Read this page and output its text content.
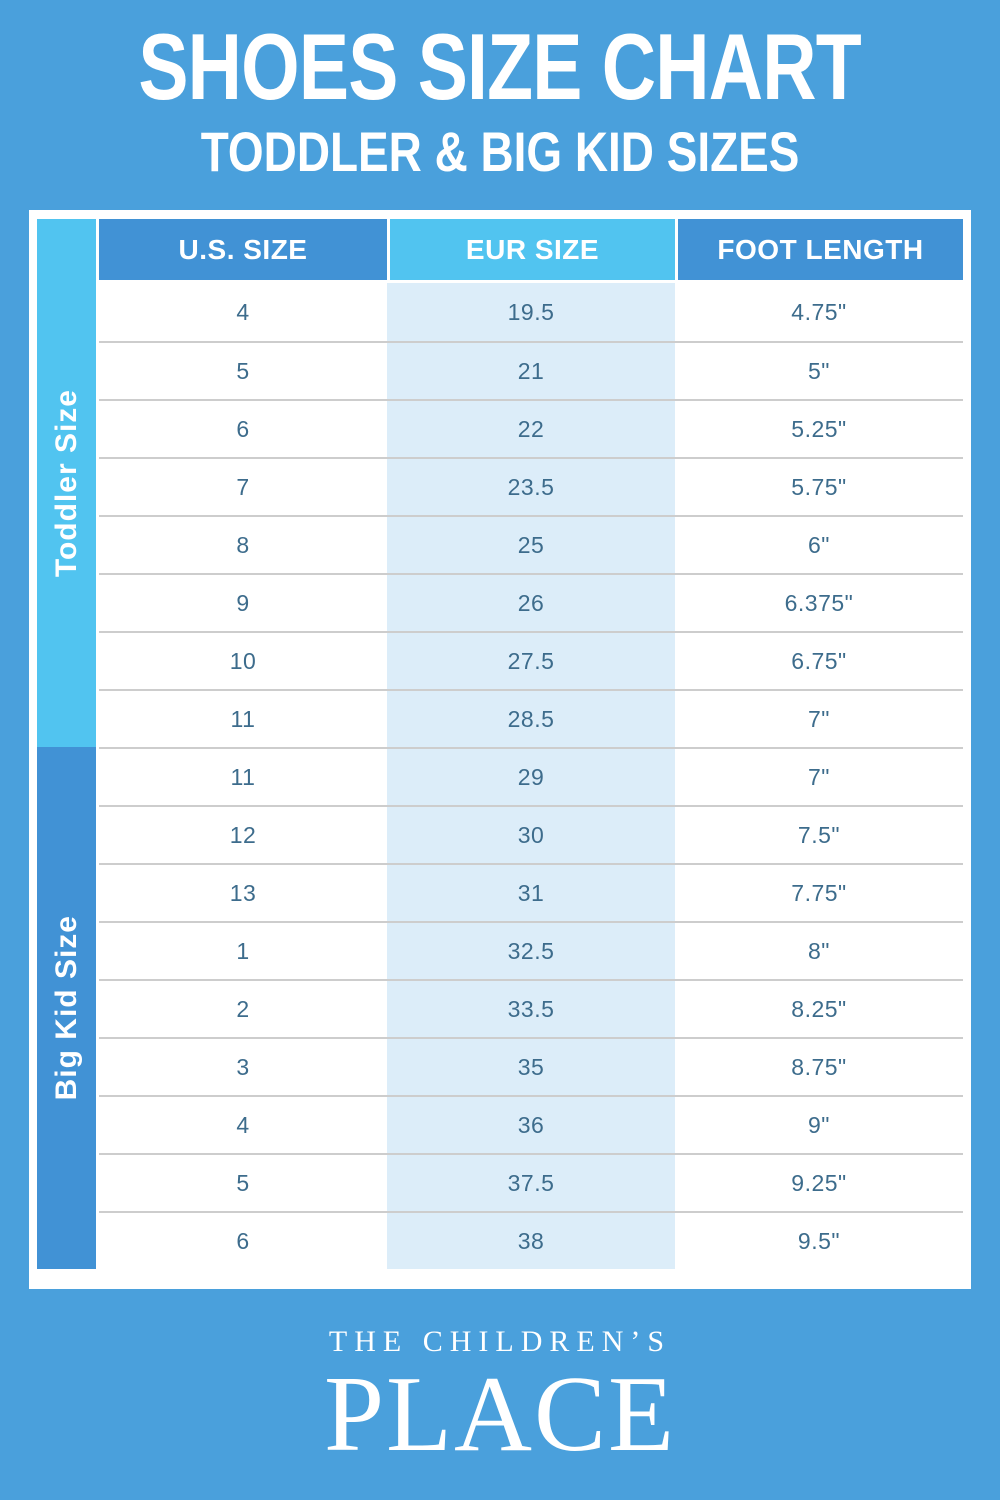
SHOES SIZE CHART
TODDLER & BIG KID SIZES
Toddler Size
Big Kid Size
U.S. SIZE	EUR SIZE	FOOT LENGTH
4	19.5	4.75"
5	21	5"
6	22	5.25"
7	23.5	5.75"
8	25	6"
9	26	6.375"
10	27.5	6.75"
11	28.5	7"
11	29	7"
12	30	7.5"
13	31	7.75"
1	32.5	8"
2	33.5	8.25"
3	35	8.75"
4	36	9"
5	37.5	9.25"
6	38	9.5"
THE CHILDREN’S
PLACE
